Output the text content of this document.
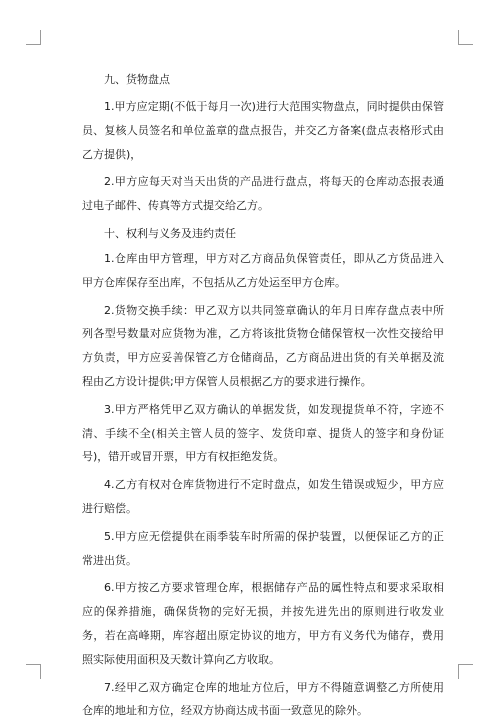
九、货物盘点

1.甲方应定期(不低于每月一次)进行大范围实物盘点，同时提供由保管员、复核人员签名和单位盖章的盘点报告，并交乙方备案(盘点表格形式由乙方提供)，

2.甲方应每天对当天出货的产品进行盘点，将每天的仓库动态报表通过电子邮件、传真等方式提交给乙方。

十、权利与义务及违约责任

1.仓库由甲方管理，甲方对乙方商品负保管责任，即从乙方货品进入甲方仓库保存至出库，不包括从乙方处运至甲方仓库。

2.货物交换手续：甲乙双方以共同签章确认的年月日库存盘点表中所列各型号数量对应货物为准，乙方将该批货物仓储保管权一次性交接给甲方负责，甲方应妥善保管乙方仓储商品，乙方商品进出货的有关单据及流程由乙方设计提供;甲方保管人员根据乙方的要求进行操作。

3.甲方严格凭甲乙双方确认的单据发货，如发现提货单不符，字迹不清、手续不全(相关主管人员的签字、发货印章、提货人的签字和身份证号)，错开或冒开票，甲方有权拒绝发货。

4.乙方有权对仓库货物进行不定时盘点，如发生错误或短少，甲方应进行赔偿。

5.甲方应无偿提供在雨季装车时所需的保护装置，以便保证乙方的正常进出货。

6.甲方按乙方要求管理仓库，根据储存产品的属性特点和要求采取相应的保养措施，确保货物的完好无损，并按先进先出的原则进行收发业务，若在高峰期，库容超出原定协议的地方，甲方有义务代为储存，费用照实际使用面积及天数计算向乙方收取。

7.经甲乙双方确定仓库的地址方位后，甲方不得随意调整乙方所使用仓库的地址和方位，经双方协商达成书面一致意见的除外。
